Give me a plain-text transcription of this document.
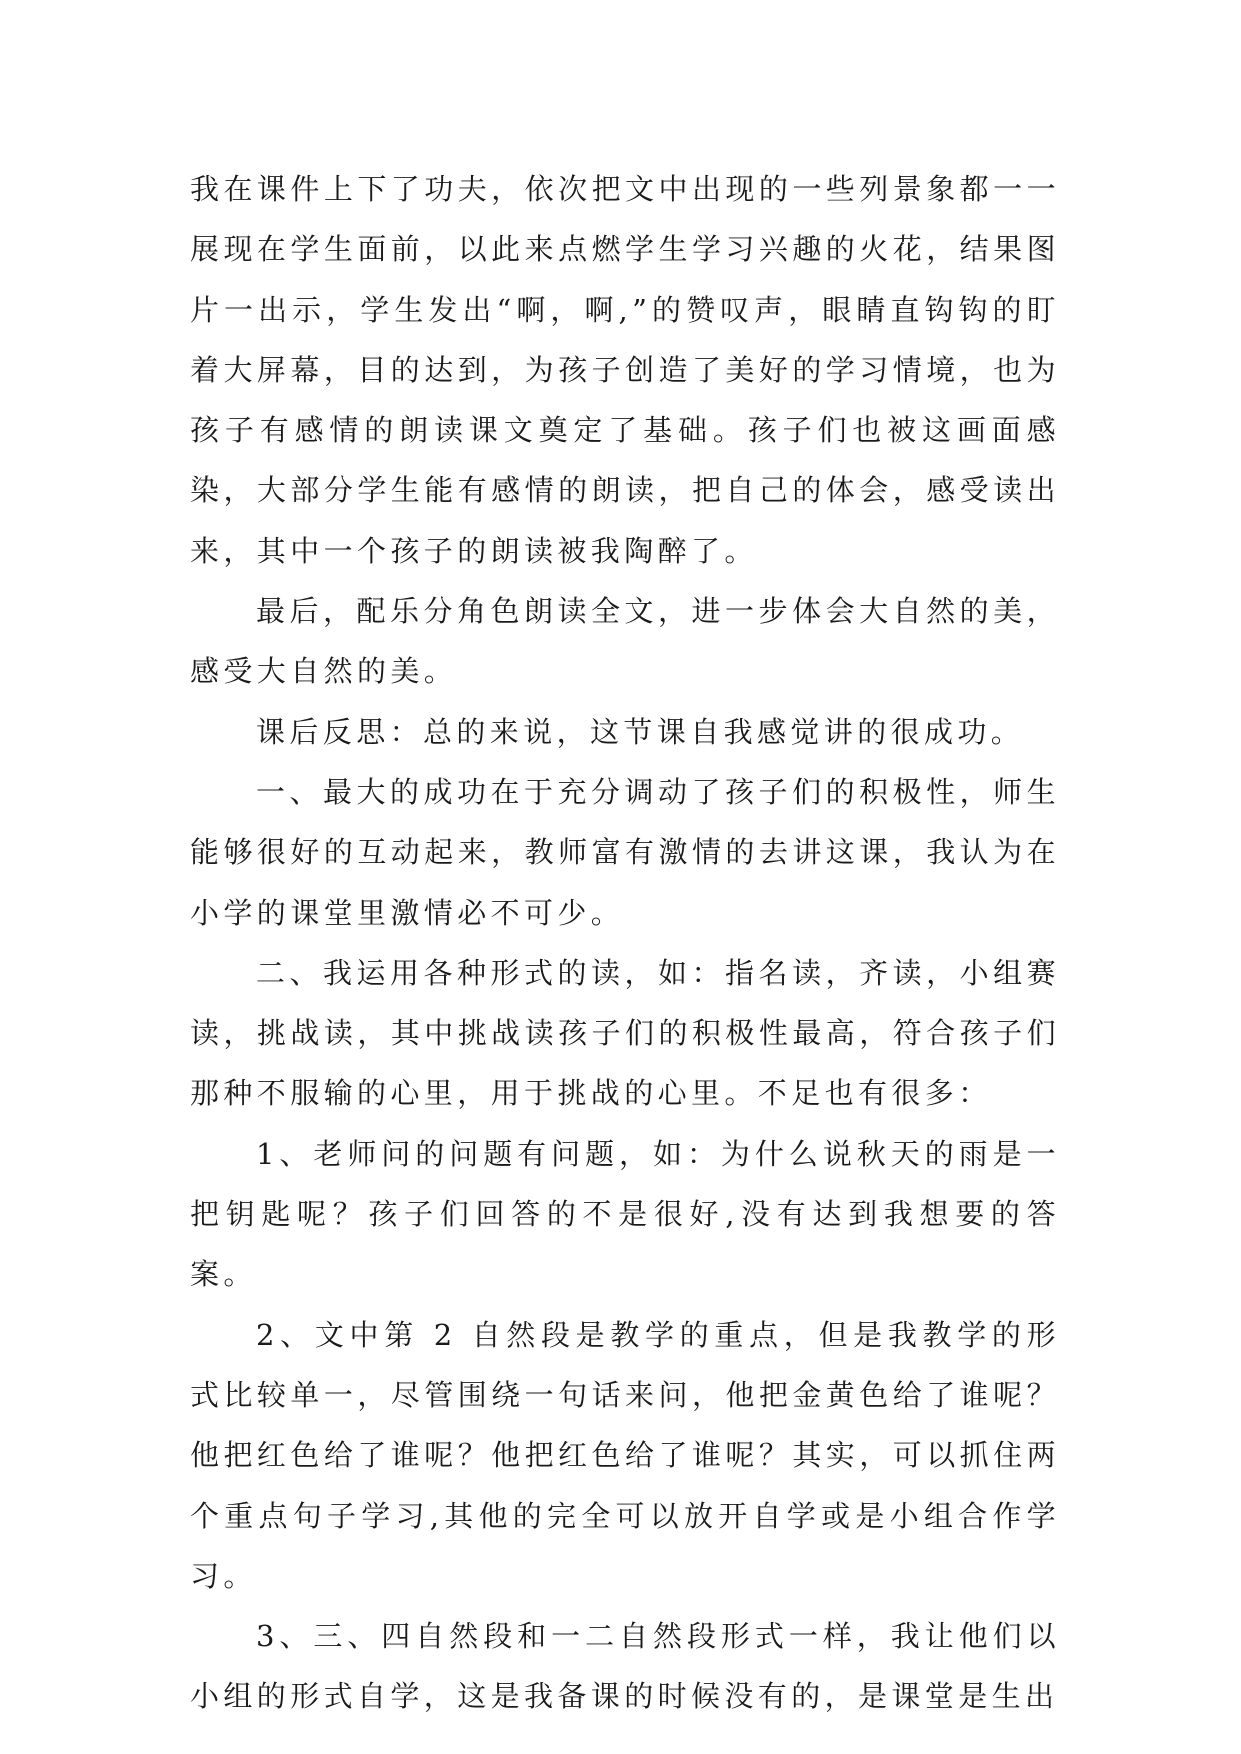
我在课件上下了功夫，依次把文中出现的一些列景象都一一展现在学生面前，以此来点燃学生学习兴趣的火花，结果图片一出示，学生发出“啊，啊,”的赞叹声，眼睛直钩钩的盯着大屏幕，目的达到，为孩子创造了美好的学习情境，也为孩子有感情的朗读课文奠定了基础。孩子们也被这画面感染，大部分学生能有感情的朗读，把自己的体会，感受读出来，其中一个孩子的朗读被我陶醉了。

最后，配乐分角色朗读全文，进一步体会大自然的美，感受大自然的美。

课后反思：总的来说，这节课自我感觉讲的很成功。

一、最大的成功在于充分调动了孩子们的积极性，师生能够很好的互动起来，教师富有激情的去讲这课，我认为在小学的课堂里激情必不可少。

二、我运用各种形式的读，如：指名读，齐读，小组赛读，挑战读，其中挑战读孩子们的积极性最高，符合孩子们那种不服输的心里，用于挑战的心里。不足也有很多：

1、老师问的问题有问题，如：为什么说秋天的雨是一把钥匙呢？孩子们回答的不是很好,没有达到我想要的答案。

2、文中第 2 自然段是教学的重点，但是我教学的形式比较单一，尽管围绕一句话来问，他把金黄色给了谁呢？他把红色给了谁呢？他把红色给了谁呢？其实，可以抓住两个重点句子学习,其他的完全可以放开自学或是小组合作学习。

3、三、四自然段和一二自然段形式一样，我让他们以小组的形式自学，这是我备课的时候没有的，是课堂是生出
